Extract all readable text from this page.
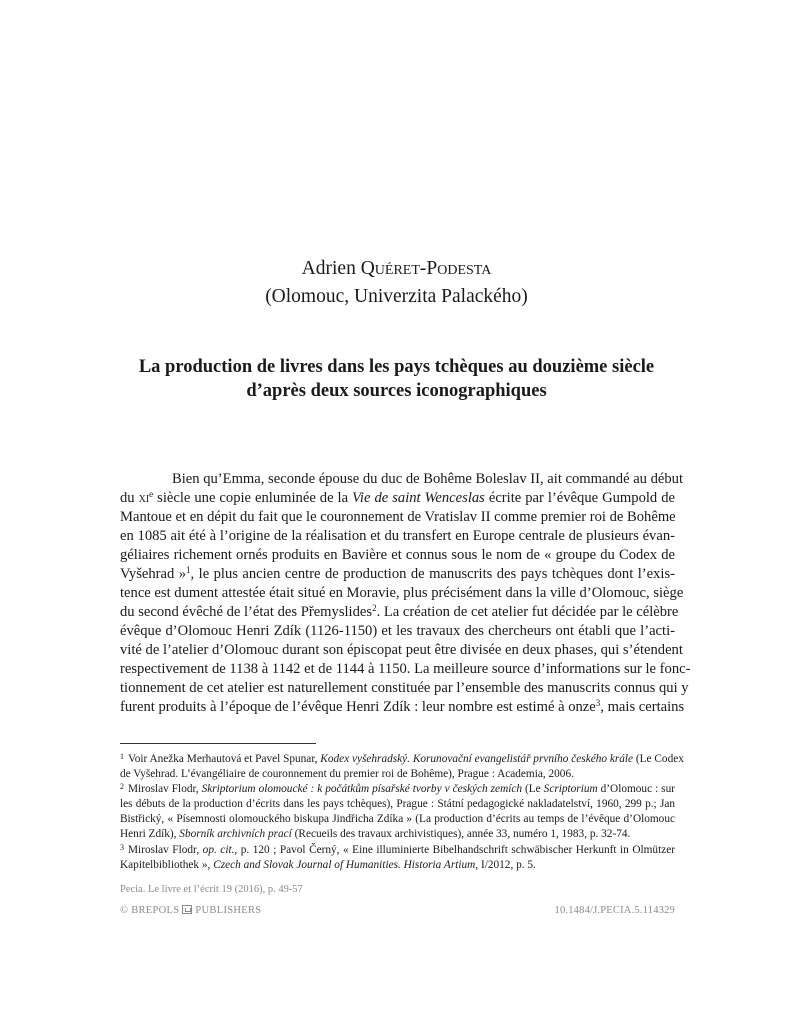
Adrien Quéret-Podesta
(Olomouc, Univerzita Palackého)
La production de livres dans les pays tchèques au douzième siècle
d’après deux sources iconographiques
Bien qu’Emma, seconde épouse du duc de Bohême Boleslav II, ait commandé au début
du $xi^e$ siècle une copie enluminée de la Vie de saint Wenceslas écrite par l’évêque Gumpold de
Mantoue et en dépit du fait que le couronnement de Vratislav II comme premier roi de Bohême
en 1085 ait été à l’origine de la réalisation et du transfert en Europe centrale de plusieurs évan-
géliaires richement ornés produits en Bavière et connus sous le nom de « groupe du Codex de
Vyšehrad »$^1$, le plus ancien centre de production de manuscrits des pays tchèques dont l’exis-
tence est dument attestée était situé en Moravie, plus précisément dans la ville d’Olomouc, siège
du second évêché de l’état des Přemyslides$^2$. La création de cet atelier fut décidée par le célèbre
évêque d’Olomouc Henri Zdík (1126-1150) et les travaux des chercheurs ont établi que l’acti-
vité de l’atelier d’Olomouc durant son épiscopat peut être divisée en deux phases, qui s’étendent
respectivement de 1138 à 1142 et de 1144 à 1150. La meilleure source d’informations sur le fonc-
tionnement de cet atelier est naturellement constituée par l’ensemble des manuscrits connus qui y
furent produits à l’époque de l’évêque Henri Zdík : leur nombre est estimé à onze$^3$, mais certains
$^1$ Voir Anežka Merhautová et Pavel Spunar, Kodex vyšehradský. Korunovační evangelistář prvního českého krále (Le Codex
de Vyšehrad. L’évangéliaire de couronnement du premier roi de Bohême), Prague : Academia, 2006.
$^2$ Miroslav Flodr, Skriptorium olomoucké : k počátkům písařské tvorby v českých zemích (Le Scriptorium d’Olomouc : sur
les débuts de la production d’écrits dans les pays tchèques), Prague : Státní pedagogické nakladatelství, 1960, 299 p.; Jan
Bistřický, « Písemnosti olomouckého biskupa Jindřicha Zdíka » (La production d’écrits au temps de l’évêque d’Olomouc
Henri Zdík), Sborník archivních prací (Recueils des travaux archivistiques), année 33, numéro 1, 1983, p. 32-74.
$^3$ Miroslav Flodr, op. cit., p. 120 ; Pavol Černý, « Eine illuminierte Bibelhandschrift schwäbischer Herkunft in Olmützer
Kapitelbibliothek », Czech and Slovak Journal of Humanities. Historia Artium, I/2012, p. 5.
Pecia. Le livre et l’écrit 19 (2016), p. 49-57
© BREPOLS PUBLISHERS	10.1484/J.PECIA.5.114329
